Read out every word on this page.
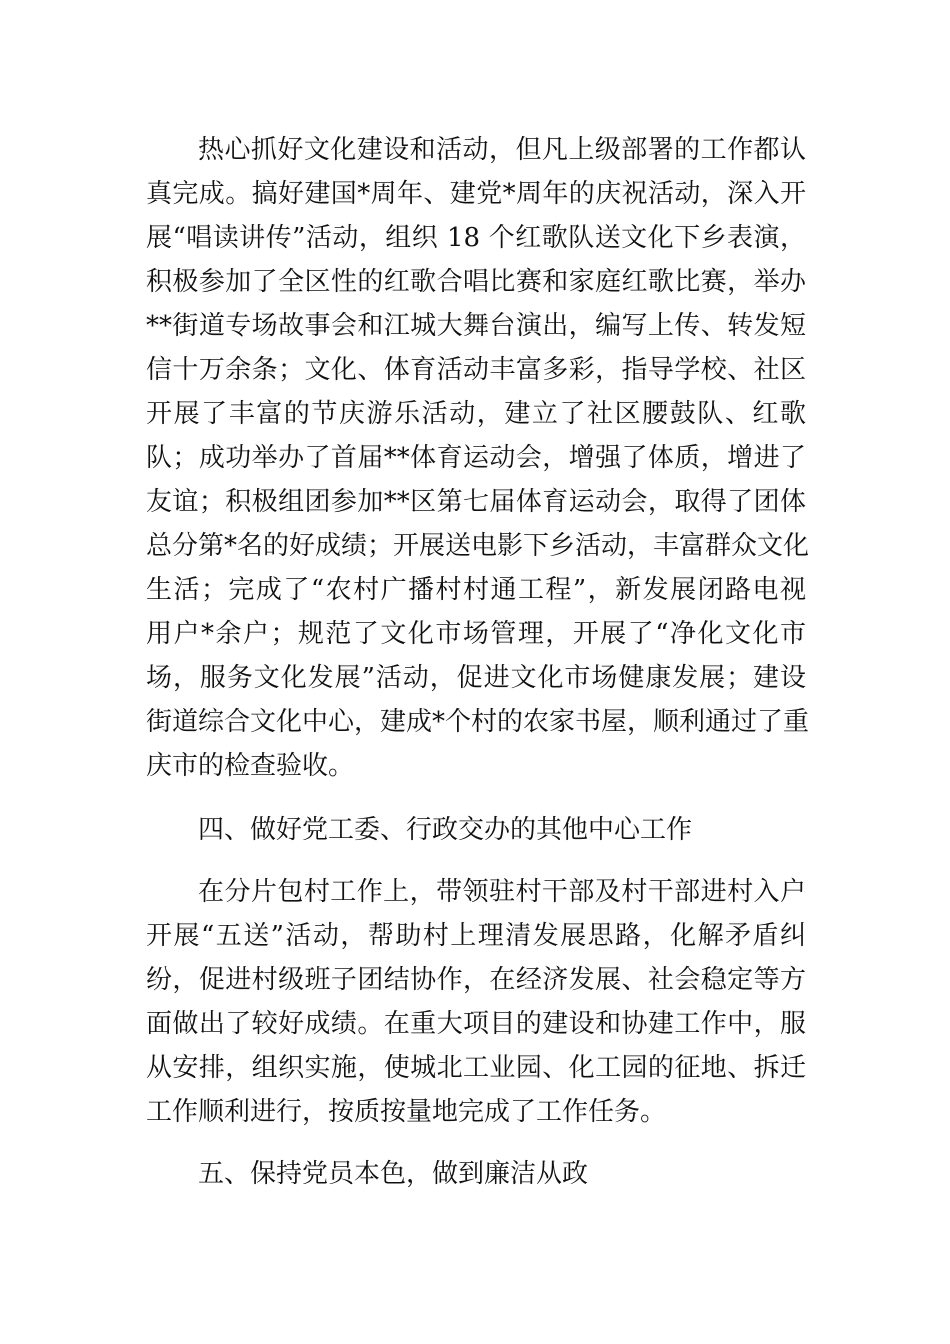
热心抓好文化建设和活动，但凡上级部署的工作都认

真完成。搞好建国*周年、建党*周年的庆祝活动，深入开

展“唱读讲传”活动，组织 18 个红歌队送文化下乡表演，

积极参加了全区性的红歌合唱比赛和家庭红歌比赛，举办

**街道专场故事会和江城大舞台演出，编写上传、转发短

信十万余条；文化、体育活动丰富多彩，指导学校、社区

开展了丰富的节庆游乐活动，建立了社区腰鼓队、红歌

队；成功举办了首届**体育运动会，增强了体质，增进了

友谊；积极组团参加**区第七届体育运动会，取得了团体

总分第*名的好成绩；开展送电影下乡活动，丰富群众文化

生活；完成了“农村广播村村通工程”，新发展闭路电视

用户*余户；规范了文化市场管理，开展了“净化文化市

场，服务文化发展”活动，促进文化市场健康发展；建设

街道综合文化中心，建成*个村的农家书屋，顺利通过了重

庆市的检查验收。

四、做好党工委、行政交办的其他中心工作

在分片包村工作上，带领驻村干部及村干部进村入户

开展“五送”活动，帮助村上理清发展思路，化解矛盾纠

纷，促进村级班子团结协作，在经济发展、社会稳定等方

面做出了较好成绩。在重大项目的建设和协建工作中，服

从安排，组织实施，使城北工业园、化工园的征地、拆迁

工作顺利进行，按质按量地完成了工作任务。

五、保持党员本色，做到廉洁从政
